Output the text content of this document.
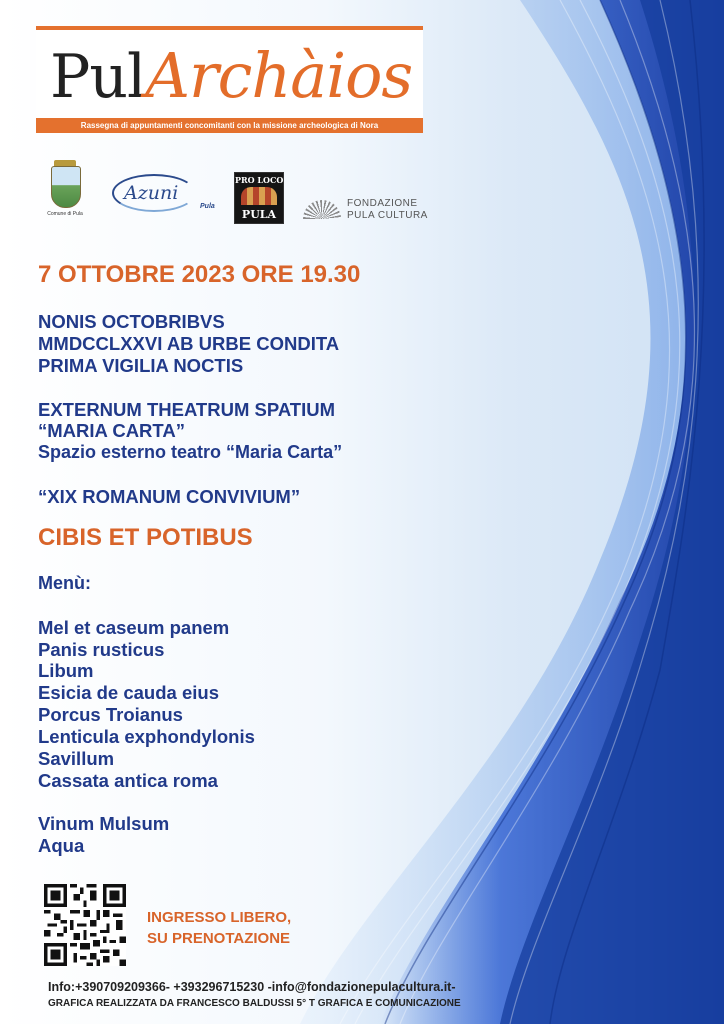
PulArchàios
Rassegna di appuntamenti concomitanti con la missione archeologica di Nora
Comune di Pula
Azuni
Pula
PRO LOCO
PULA
FONDAZIONE
PULA CULTURA
7 OTTOBRE 2023 ORE 19.30
NONIS OCTOBRIBVS
MMDCCLXXVI AB URBE CONDITA
PRIMA VIGILIA NOCTIS
EXTERNUM THEATRUM SPATIUM
“MARIA CARTA”
Spazio esterno teatro “Maria Carta”
“XIX ROMANUM CONVIVIUM”
CIBIS ET POTIBUS
Menù:
Mel et caseum panem
Panis rusticus
Libum
Esicia de cauda eius
Porcus Troianus
Lenticula exphondylonis
Savillum
Cassata antica roma
Vinum Mulsum
Aqua
INGRESSO LIBERO,
SU PRENOTAZIONE
Info:+390709209366- +393296715230 -info@fondazionepulacultura.it-
GRAFICA REALIZZATA DA FRANCESCO BALDUSSI 5° T GRAFICA E COMUNICAZIONE
